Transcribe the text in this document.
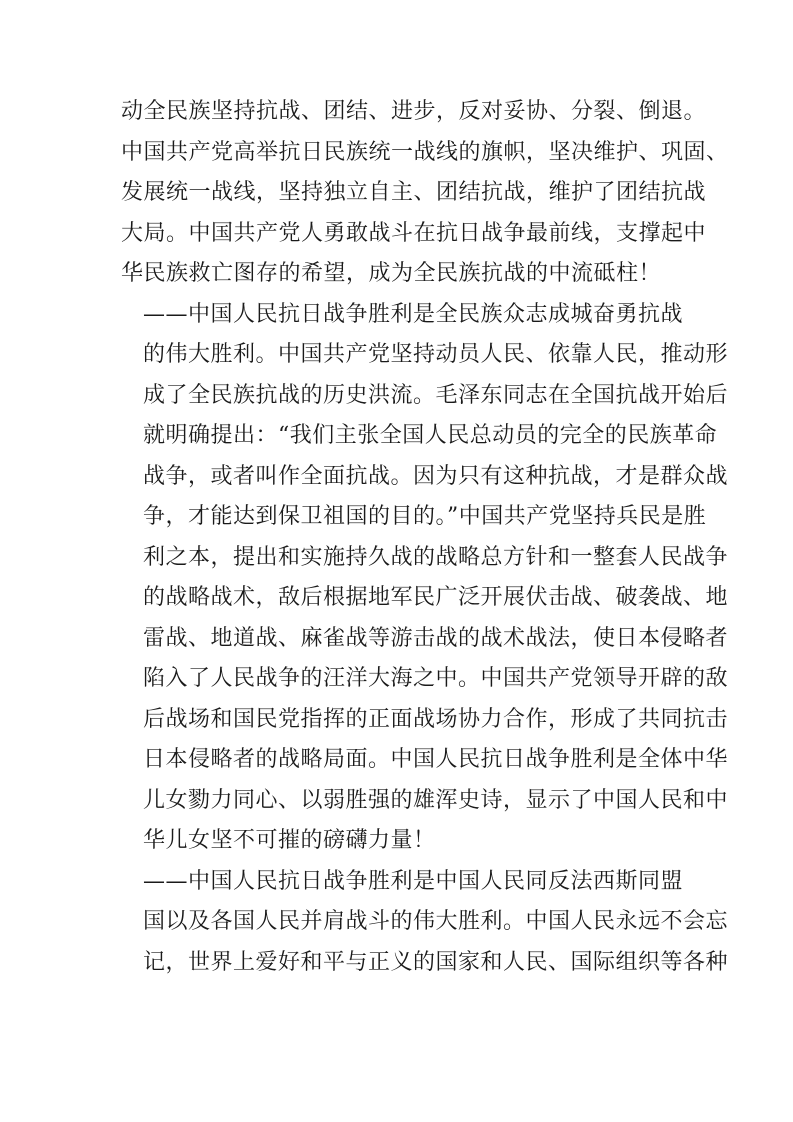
动全民族坚持抗战、团结、进步，反对妥协、分裂、倒退。
中国共产党高举抗日民族统一战线的旗帜，坚决维护、巩固、
发展统一战线，坚持独立自主、团结抗战，维护了团结抗战
大局。中国共产党人勇敢战斗在抗日战争最前线，支撑起中
华民族救亡图存的希望，成为全民族抗战的中流砥柱！
——中国人民抗日战争胜利是全民族众志成城奋勇抗战
的伟大胜利。中国共产党坚持动员人民、依靠人民，推动形
成了全民族抗战的历史洪流。毛泽东同志在全国抗战开始后
就明确提出：“我们主张全国人民总动员的完全的民族革命
战争，或者叫作全面抗战。因为只有这种抗战，才是群众战
争，才能达到保卫祖国的目的。”中国共产党坚持兵民是胜
利之本，提出和实施持久战的战略总方针和一整套人民战争
的战略战术，敌后根据地军民广泛开展伏击战、破袭战、地
雷战、地道战、麻雀战等游击战的战术战法，使日本侵略者
陷入了人民战争的汪洋大海之中。中国共产党领导开辟的敌
后战场和国民党指挥的正面战场协力合作，形成了共同抗击
日本侵略者的战略局面。中国人民抗日战争胜利是全体中华
儿女勠力同心、以弱胜强的雄浑史诗，显示了中国人民和中
华儿女坚不可摧的磅礴力量！
——中国人民抗日战争胜利是中国人民同反法西斯同盟
国以及各国人民并肩战斗的伟大胜利。中国人民永远不会忘
记，世界上爱好和平与正义的国家和人民、国际组织等各种
